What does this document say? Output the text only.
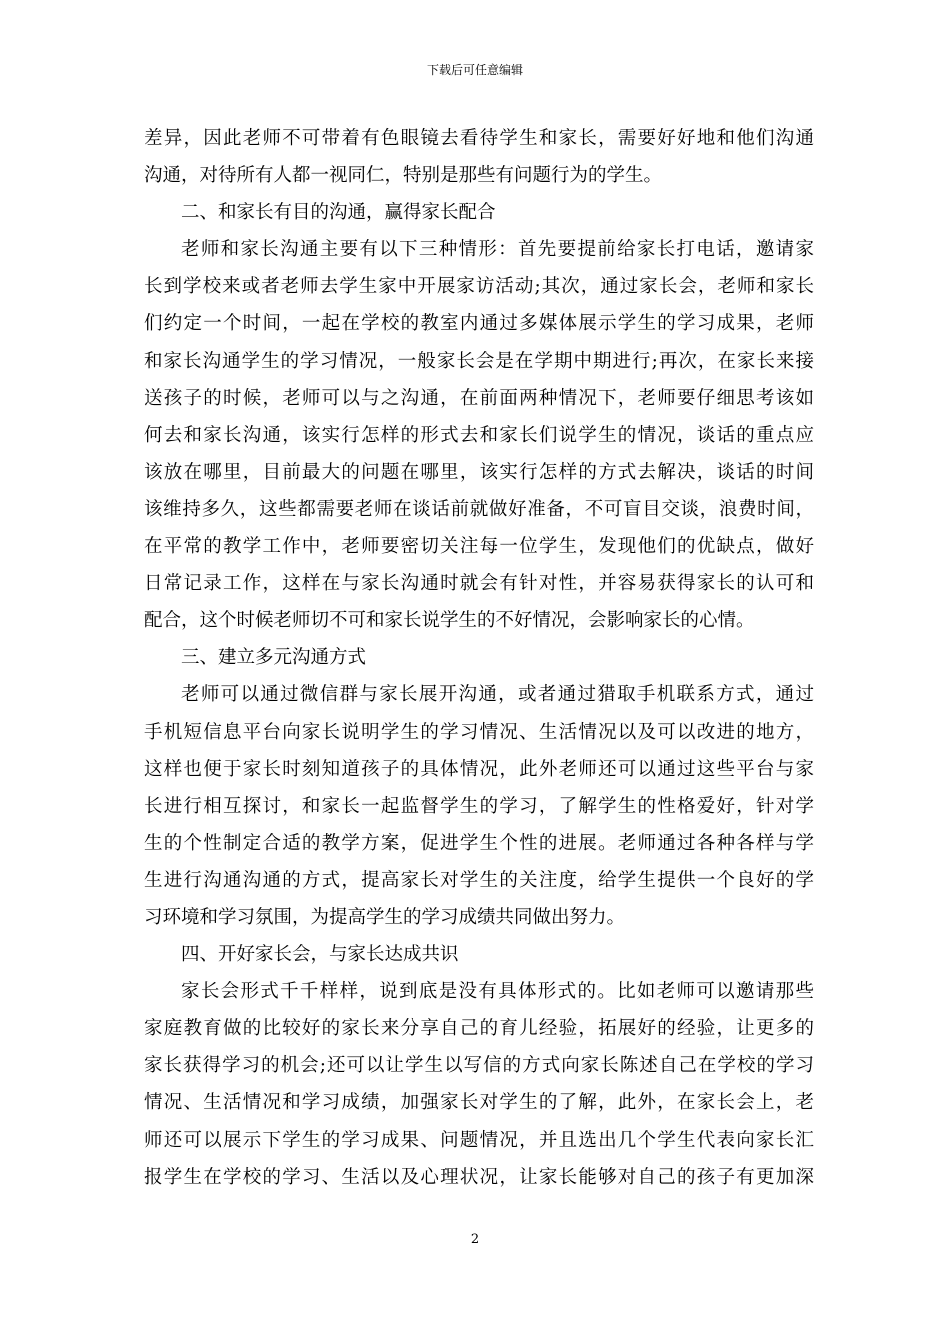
下载后可任意编辑
差异，因此老师不可带着有色眼镜去看待学生和家长，需要好好地和他们沟通
沟通，对待所有人都一视同仁，特别是那些有问题行为的学生。
二、和家长有目的沟通，赢得家长配合
老师和家长沟通主要有以下三种情形：首先要提前给家长打电话，邀请家
长到学校来或者老师去学生家中开展家访活动;其次，通过家长会，老师和家长
们约定一个时间，一起在学校的教室内通过多媒体展示学生的学习成果，老师
和家长沟通学生的学习情况，一般家长会是在学期中期进行;再次，在家长来接
送孩子的时候，老师可以与之沟通，在前面两种情况下，老师要仔细思考该如
何去和家长沟通，该实行怎样的形式去和家长们说学生的情况，谈话的重点应
该放在哪里，目前最大的问题在哪里，该实行怎样的方式去解决，谈话的时间
该维持多久，这些都需要老师在谈话前就做好准备，不可盲目交谈，浪费时间，
在平常的教学工作中，老师要密切关注每一位学生，发现他们的优缺点，做好
日常记录工作，这样在与家长沟通时就会有针对性，并容易获得家长的认可和
配合，这个时候老师切不可和家长说学生的不好情况，会影响家长的心情。
三、建立多元沟通方式
老师可以通过微信群与家长展开沟通，或者通过猎取手机联系方式，通过
手机短信息平台向家长说明学生的学习情况、生活情况以及可以改进的地方，
这样也便于家长时刻知道孩子的具体情况，此外老师还可以通过这些平台与家
长进行相互探讨，和家长一起监督学生的学习，了解学生的性格爱好，针对学
生的个性制定合适的教学方案，促进学生个性的进展。老师通过各种各样与学
生进行沟通沟通的方式，提高家长对学生的关注度，给学生提供一个良好的学
习环境和学习氛围，为提高学生的学习成绩共同做出努力。
四、开好家长会，与家长达成共识
家长会形式千千样样，说到底是没有具体形式的。比如老师可以邀请那些
家庭教育做的比较好的家长来分享自己的育儿经验，拓展好的经验，让更多的
家长获得学习的机会;还可以让学生以写信的方式向家长陈述自己在学校的学习
情况、生活情况和学习成绩，加强家长对学生的了解，此外，在家长会上，老
师还可以展示下学生的学习成果、问题情况，并且选出几个学生代表向家长汇
报学生在学校的学习、生活以及心理状况，让家长能够对自己的孩子有更加深
2
